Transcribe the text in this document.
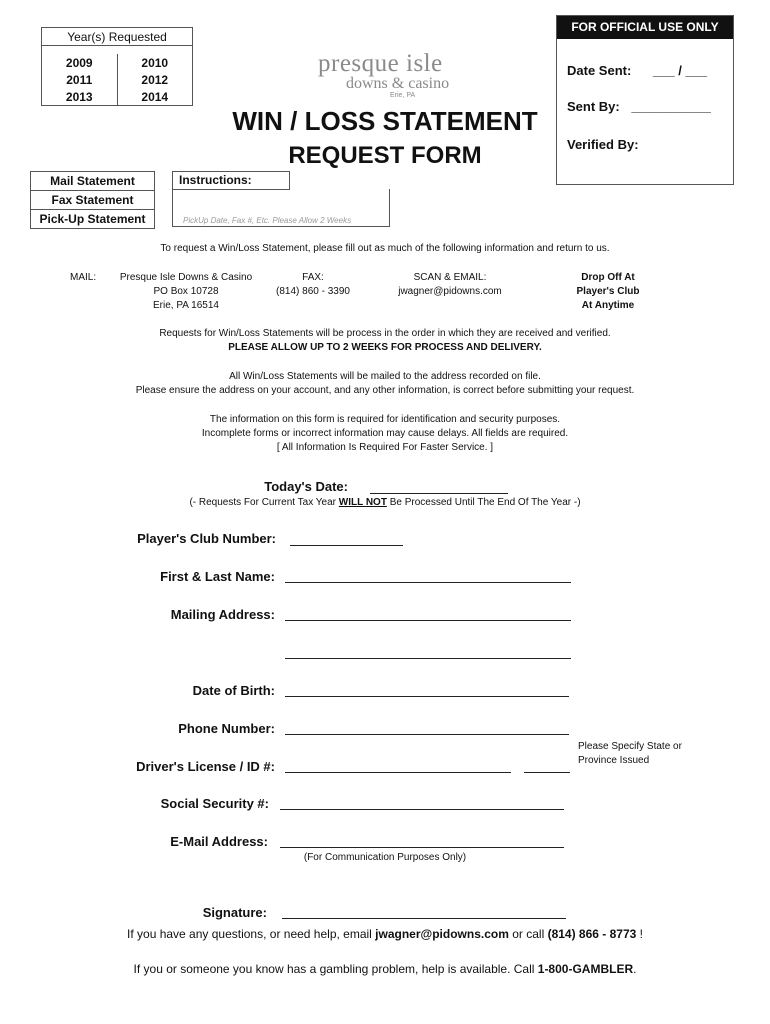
Year(s) Requested	

2009	2010
2011	2012
2013	2014
presque isle
downs & casino
Erie, PA
FOR OFFICIAL USE ONLY
Date Sent: ___ / ___
Sent By: ___________
Verified By:
WIN / LOSS STATEMENT
REQUEST FORM
Mail Statement
Fax Statement
Pick-Up Statement
Instructions:
PickUp Date, Fax #, Etc. Please Allow 2 Weeks
To request a Win/Loss Statement, please fill out as much of the following information and return to us.
MAIL:	Presque Isle Downs & Casino
PO Box 10728
Erie, PA 16514
FAX:
(814) 860 - 3390
SCAN & EMAIL:
jwagner@pidowns.com
Drop Off At
Player's Club
At Anytime
Requests for Win/Loss Statements will be process in the order in which they are received and verified.
PLEASE ALLOW UP TO 2 WEEKS FOR PROCESS AND DELIVERY.
All Win/Loss Statements will be mailed to the address recorded on file.
Please ensure the address on your account, and any other information, is correct before submitting your request.
The information on this form is required for identification and security purposes.
Incomplete forms or incorrect information may cause delays. All fields are required.
[ All Information Is Required For Faster Service. ]
Today's Date:
(- Requests For Current Tax Year WILL NOT Be Processed Until The End Of The Year -)
Player's Club Number:
First & Last Name:
Mailing Address:
Date of Birth:
Phone Number:
Driver's License / ID #:
Please Specify State or
Province Issued
Social Security #:
E-Mail Address:
(For Communication Purposes Only)
Signature:
If you have any questions, or need help, email jwagner@pidowns.com or call (814) 866 - 8773 !
If you or someone you know has a gambling problem, help is available. Call 1-800-GAMBLER.
